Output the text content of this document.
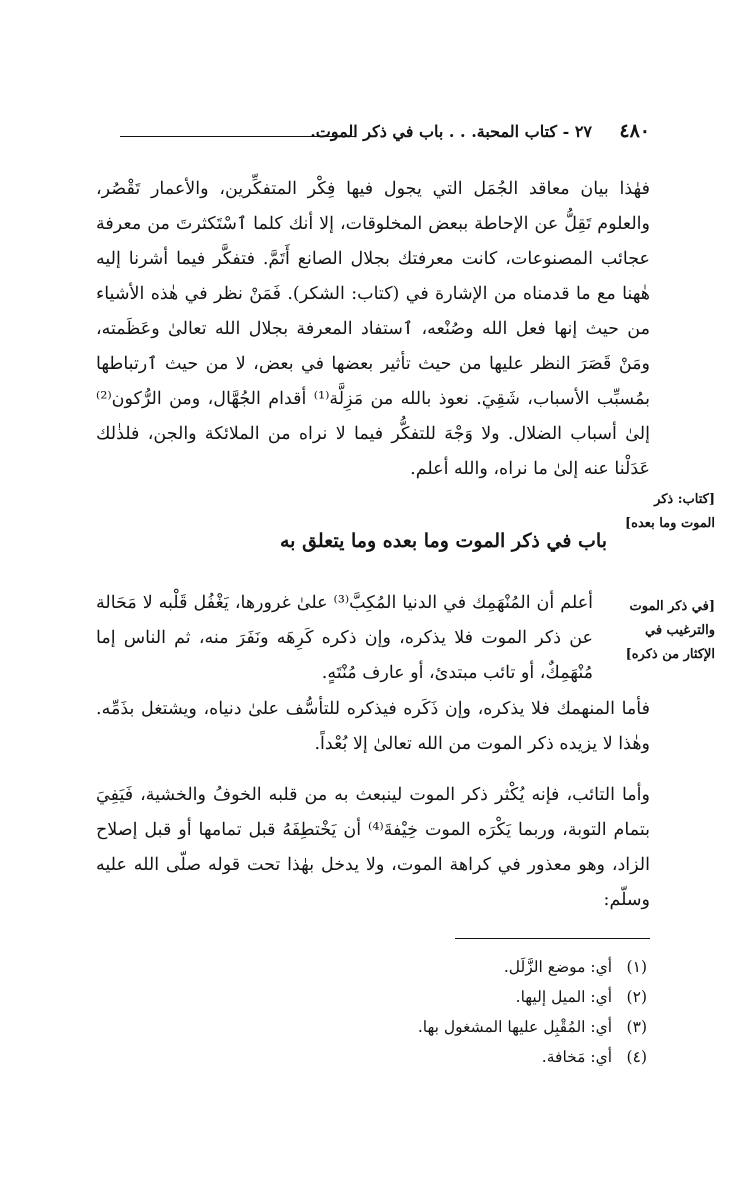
٤٨٠
٢٧ - كتاب المحبة. . . باب في ذكر الموت.
فهٰذا بيان معاقد الجُمَل التي يجول فيها فِكْر المتفكِّرين، والأعمار تَقْصُر، والعلوم تَقِلُّ عن الإحاطة ببعض المخلوقات، إلا أنك كلما ٱسْتَكثرتَ من معرفة عجائب المصنوعات، كانت معرفتك بجلال الصانع أَتَمَّ. فتفكَّر فيما أشرنا إليه هٰهنا مع ما قدمناه من الإشارة في (كتاب: الشكر). فَمَنْ نظر في هٰذه الأشياء من حيث إنها فعل الله وصُنْعه، ٱستفاد المعرفة بجلال الله تعالىٰ وعَظَمته، ومَنْ قَصَرَ النظر عليها من حيث تأثير بعضها في بعض، لا من حيث ٱرتباطها بمُسبِّب الأسباب، شَقِيَ. نعوذ بالله من مَزِلَّة⁽¹⁾ أقدام الجُهَّال، ومن الرُّكون⁽²⁾ إلىٰ أسباب الضلال. ولا وَجْهَ للتفكُّر فيما لا نراه من الملائكة والجن، فلذٰلك عَدَلْنا عنه إلىٰ ما نراه، والله أعلم.
[كتاب: ذكر الموت وما بعده]
باب في ذكر الموت وما بعده وما يتعلق به
[في ذكر الموت والترغيب في الإكثار من ذكره]
أعلم أن المُنْهَمِك في الدنيا المُكِبَّ⁽³⁾ علىٰ غرورها، يَغْفُل قَلْبه لا مَحَالة عن ذكر الموت فلا يذكره، وإن ذكره كَرِهَه ونَفَرَ منه، ثم الناس إما مُنْهَمِكٌ، أو تائب مبتدئ، أو عارف مُنْتَهٍ.
فأما المنهمك فلا يذكره، وإن ذَكَره فيذكره للتأسُّف علىٰ دنياه، ويشتغل بذَمِّه. وهٰذا لا يزيده ذكر الموت من الله تعالىٰ إلا بُعْداً.
وأما التائب، فإنه يُكْثر ذكر الموت لينبعث به من قلبه الخوفُ والخشية، فَيَفِيَ بتمام التوبة، وربما يَكْرَه الموت خِيْفةَ⁽⁴⁾ أن يَخْتطِفَهُ قبل تمامها أو قبل إصلاح الزاد، وهو معذور في كراهة الموت، ولا يدخل بهٰذا تحت قوله صلّى الله عليه وسلّم:
(١) أي: موضع الزَّلَل.
(٢) أي: الميل إليها.
(٣) أي: المُقْبِل عليها المشغول بها.
(٤) أي: مَخافة.
